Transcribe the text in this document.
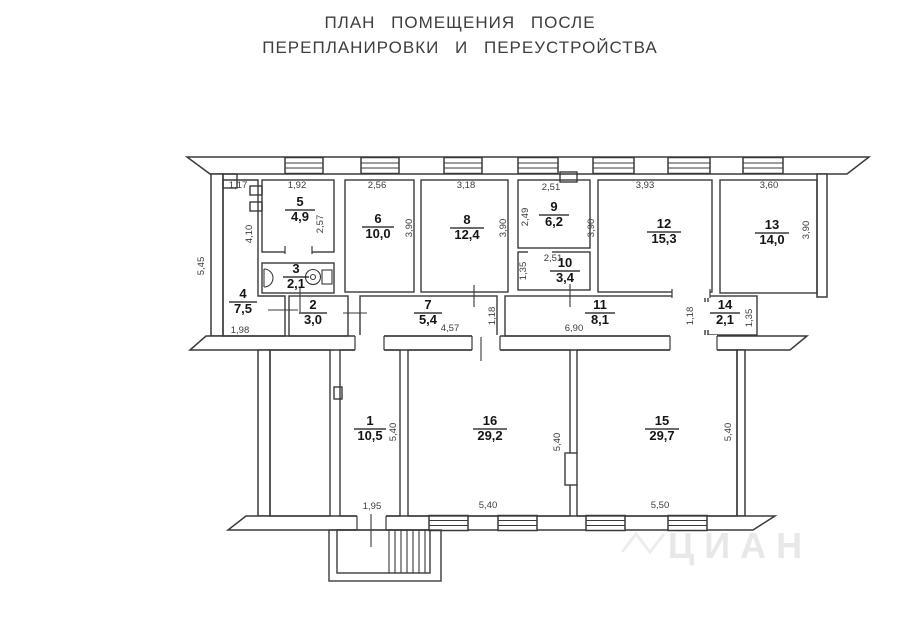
ПЛАН ПОМЕЩЕНИЯ ПОСЛЕ
ПЕРЕПЛАНИРОВКИ И ПЕРЕУСТРОЙСТВА
5
4,9	6
10,0
8
12,4
9
6,2
10
3,4
12
15,3
13
14,0
3
2,1
4
7,5	2
3,0
7
5,4
11
8,1
14
2,1
1
10,5
16
29,2
15
29,7
1,17	1,92	2,56	3,18	2,51	3,93	3,60
5,45
4,10
2,57	3,90	3,90
2,49
3,90	3,90
2,51
1,35
1,98	4,57
1,18
6,90
1,18	1,35
5,40
1,95
5,40
5,40	5,50
5,40
ЦИАН
